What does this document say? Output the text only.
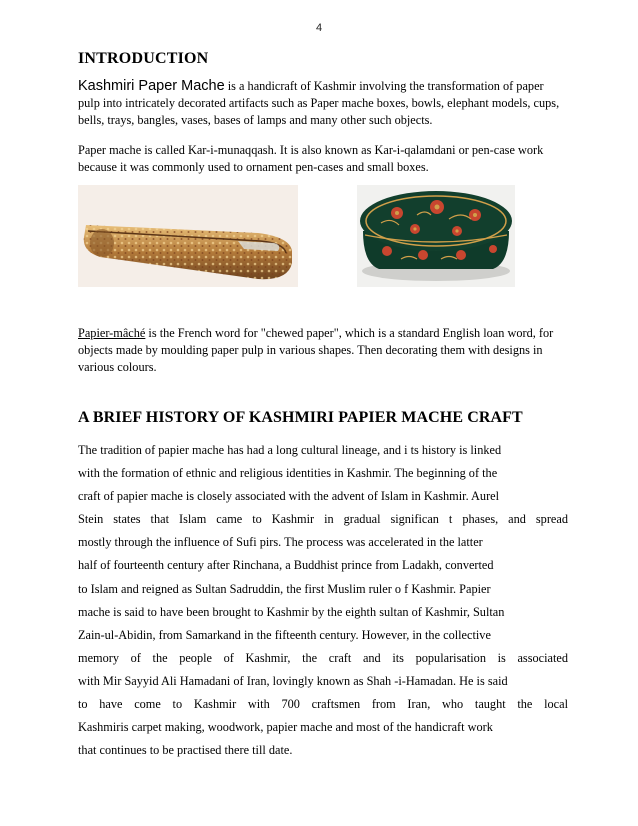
4
INTRODUCTION
Kashmiri Paper Mache is a handicraft of Kashmir involving the transformation of paper pulp into intricately decorated artifacts such as Paper mache boxes, bowls, elephant models, cups, bells, trays, bangles, vases, bases of lamps and many other such objects.
Paper mache is called Kar-i-munaqqash. It is also known as Kar-i-qalamdani or pen-case work because it was commonly used to ornament pen-cases and small boxes.
Papier-mâché is the French word for "chewed paper", which is a standard English loan word, for objects made by moulding paper pulp in various shapes. Then decorating them with designs in various colours.
A BRIEF HISTORY OF KASHMIRI PAPIER MACHE CRAFT
The tradition of papier mache has had a long cultural lineage, and i ts history is linked
with the formation of ethnic and religious identities in Kashmir. The beginning of the
craft of papier mache is closely associated with the advent of Islam in Kashmir. Aurel
Stein states that Islam came to Kashmir in gradual significan t phases, and spread
mostly through the influence of Sufi pirs. The process was accelerated in the latter
half of fourteenth century after Rinchana, a Buddhist prince from Ladakh, converted
to Islam and reigned as Sultan Sadruddin, the first Muslim ruler o f Kashmir. Papier
mache is said to have been brought to Kashmir by the eighth sultan of Kashmir, Sultan
Zain-ul-Abidin, from Samarkand in the fifteenth century. However, in the collective
memory of the people of Kashmir, the craft and its popularisation is associated
with Mir Sayyid Ali Hamadani of Iran, lovingly known as Shah -i-Hamadan. He is said
to have come to Kashmir with 700 craftsmen from Iran, who taught the local
Kashmiris carpet making, woodwork, papier mache and most of the handicraft work
that continues to be practised there till date.
